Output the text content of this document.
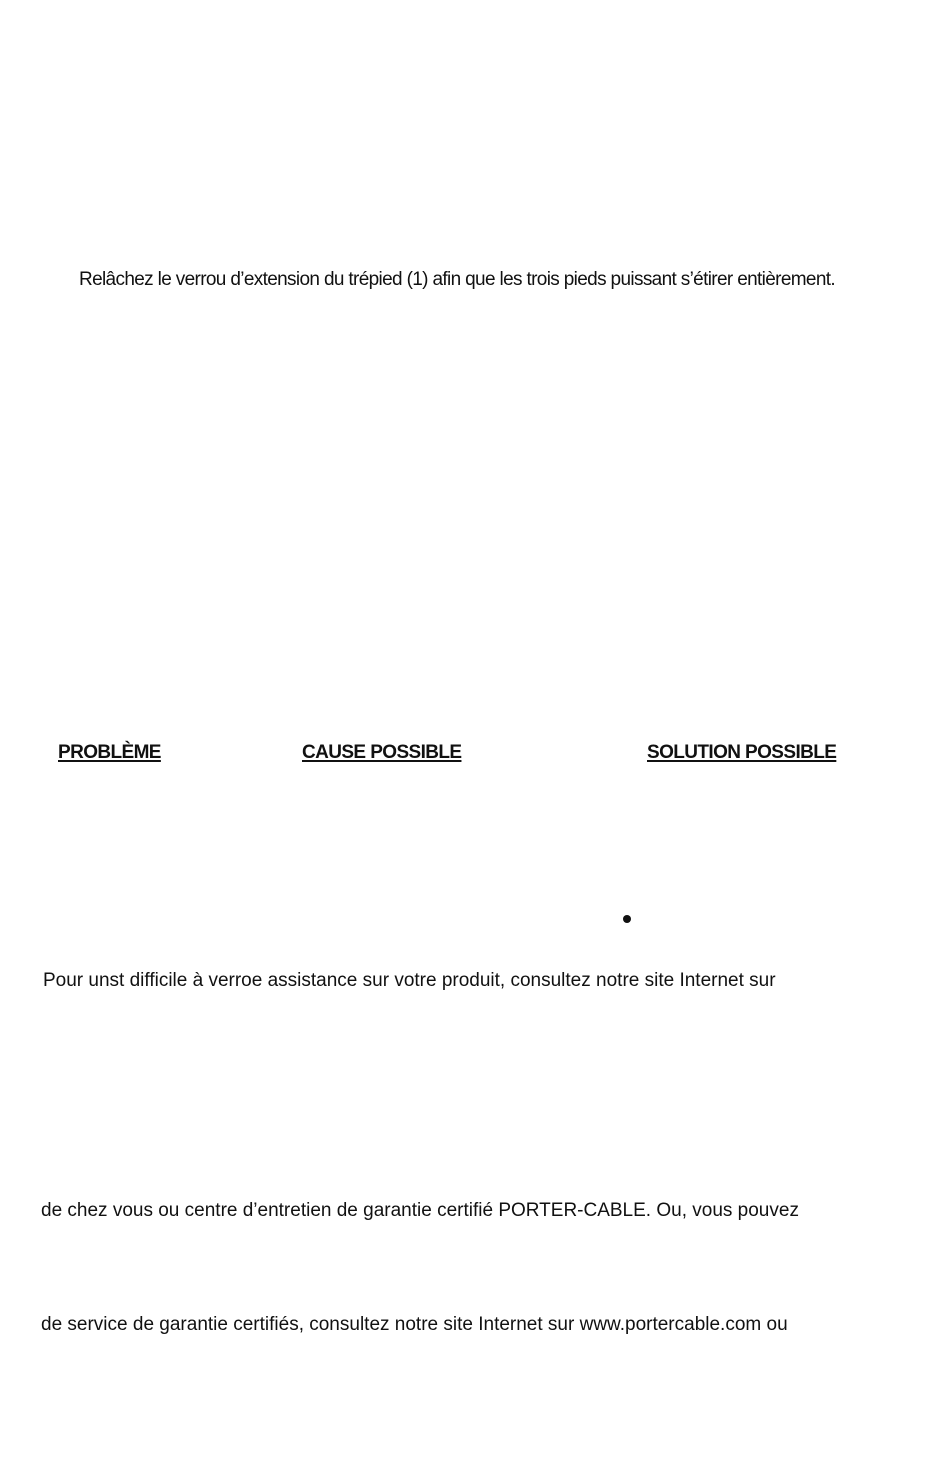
Relâchez le verrou d’extension du trépied (1) afin que les trois pieds puissant s’étirer entièrement.
PROBLÈME	CAUSE POSSIBLE	SOLUTION POSSIBLE
Pour unst difficile à verroe assistance sur votre produit, consultez notre site Internet sur
de chez vous ou centre d’entretien de garantie certifié PORTER-CABLE. Ou, vous pouvez
de service de garantie certifiés, consultez notre site Internet sur www.portercable.com ou
